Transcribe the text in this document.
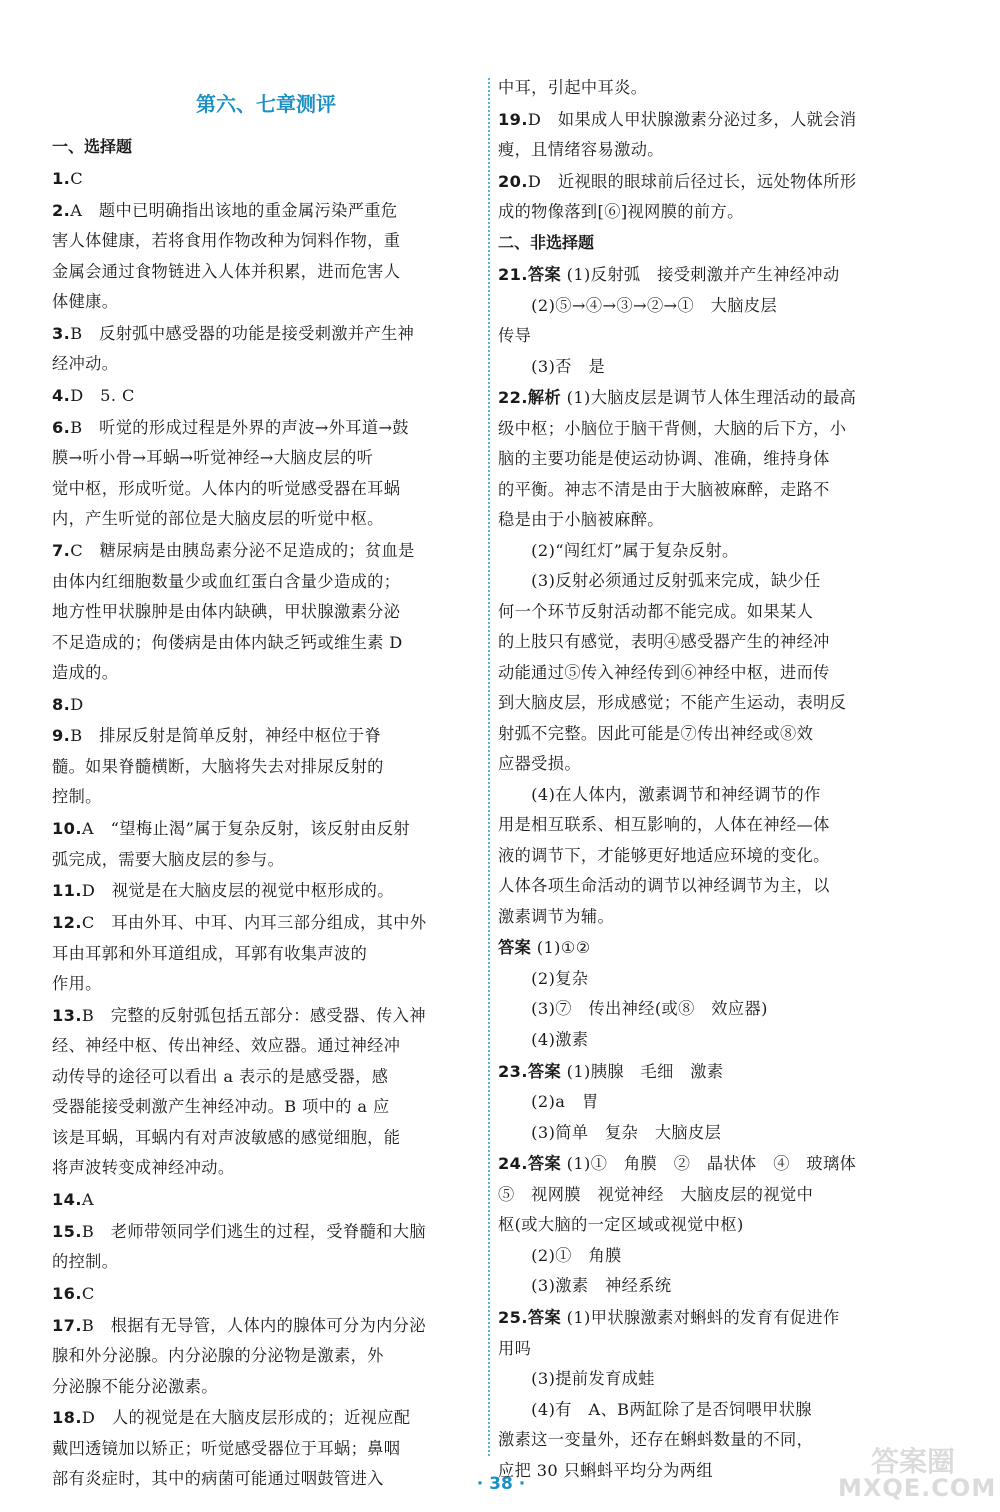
第六、七章测评
一、选择题
1.C
2.A　题中已明确指出该地的重金属污染严重危
害人体健康，若将食用作物改种为饲料作物，重
金属会通过食物链进入人体并积累，进而危害人
体健康。
3.B　反射弧中感受器的功能是接受刺激并产生神
经冲动。
4.D　5. C
6.B　听觉的形成过程是外界的声波→外耳道→鼓
膜→听小骨→耳蜗→听觉神经→大脑皮层的听
觉中枢，形成听觉。人体内的听觉感受器在耳蜗
内，产生听觉的部位是大脑皮层的听觉中枢。
7.C　糖尿病是由胰岛素分泌不足造成的；贫血是
由体内红细胞数量少或血红蛋白含量少造成的；
地方性甲状腺肿是由体内缺碘，甲状腺激素分泌
不足造成的；佝偻病是由体内缺乏钙或维生素 D
造成的。
8.D
9.B　排尿反射是简单反射，神经中枢位于脊
髓。如果脊髓横断，大脑将失去对排尿反射的
控制。
10.A　“望梅止渴”属于复杂反射，该反射由反射
弧完成，需要大脑皮层的参与。
11.D　视觉是在大脑皮层的视觉中枢形成的。
12.C　耳由外耳、中耳、内耳三部分组成，其中外
耳由耳郭和外耳道组成，耳郭有收集声波的
作用。
13.B　完整的反射弧包括五部分：感受器、传入神
经、神经中枢、传出神经、效应器。通过神经冲
动传导的途径可以看出 a 表示的是感受器，感
受器能接受刺激产生神经冲动。B 项中的 a 应
该是耳蜗，耳蜗内有对声波敏感的感觉细胞，能
将声波转变成神经冲动。
14.A
15.B　老师带领同学们逃生的过程，受脊髓和大脑
的控制。
16.C
17.B　根据有无导管，人体内的腺体可分为内分泌
腺和外分泌腺。内分泌腺的分泌物是激素，外
分泌腺不能分泌激素。
18.D　人的视觉是在大脑皮层形成的；近视应配
戴凹透镜加以矫正；听觉感受器位于耳蜗；鼻咽
部有炎症时，其中的病菌可能通过咽鼓管进入
中耳，引起中耳炎。
19.D　如果成人甲状腺激素分泌过多，人就会消
瘦，且情绪容易激动。
20.D　近视眼的眼球前后径过长，远处物体所形
成的物像落到[⑥]视网膜的前方。
二、非选择题
21.答案 (1)反射弧　接受刺激并产生神经冲动
　　(2)⑤→④→③→②→①　大脑皮层
传导
　　(3)否　是
22.解析 (1)大脑皮层是调节人体生理活动的最高
级中枢；小脑位于脑干背侧，大脑的后下方，小
脑的主要功能是使运动协调、准确，维持身体
的平衡。神志不清是由于大脑被麻醉，走路不
稳是由于小脑被麻醉。
　　(2)“闯红灯”属于复杂反射。
　　(3)反射必须通过反射弧来完成，缺少任
何一个环节反射活动都不能完成。如果某人
的上肢只有感觉，表明④感受器产生的神经冲
动能通过⑤传入神经传到⑥神经中枢，进而传
到大脑皮层，形成感觉；不能产生运动，表明反
射弧不完整。因此可能是⑦传出神经或⑧效
应器受损。
　　(4)在人体内，激素调节和神经调节的作
用是相互联系、相互影响的，人体在神经—体
液的调节下，才能够更好地适应环境的变化。
人体各项生命活动的调节以神经调节为主，以
激素调节为辅。
答案 (1)①②
　　(2)复杂
　　(3)⑦　传出神经(或⑧　效应器)
　　(4)激素
23.答案 (1)胰腺　毛细　激素
　　(2)a　胃
　　(3)简单　复杂　大脑皮层
24.答案 (1)①　角膜　②　晶状体　④　玻璃体
⑤　视网膜　视觉神经　大脑皮层的视觉中
枢(或大脑的一定区域或视觉中枢)
　　(2)①　角膜
　　(3)激素　神经系统
25.答案 (1)甲状腺激素对蝌蚪的发育有促进作
用吗
　　(3)提前发育成蛙
　　(4)有　A、B两缸除了是否饲喂甲状腺
激素这一变量外，还存在蝌蚪数量的不同，
应把 30 只蝌蚪平均分为两组
· 38 ·
答案圈
MXQE.COM
